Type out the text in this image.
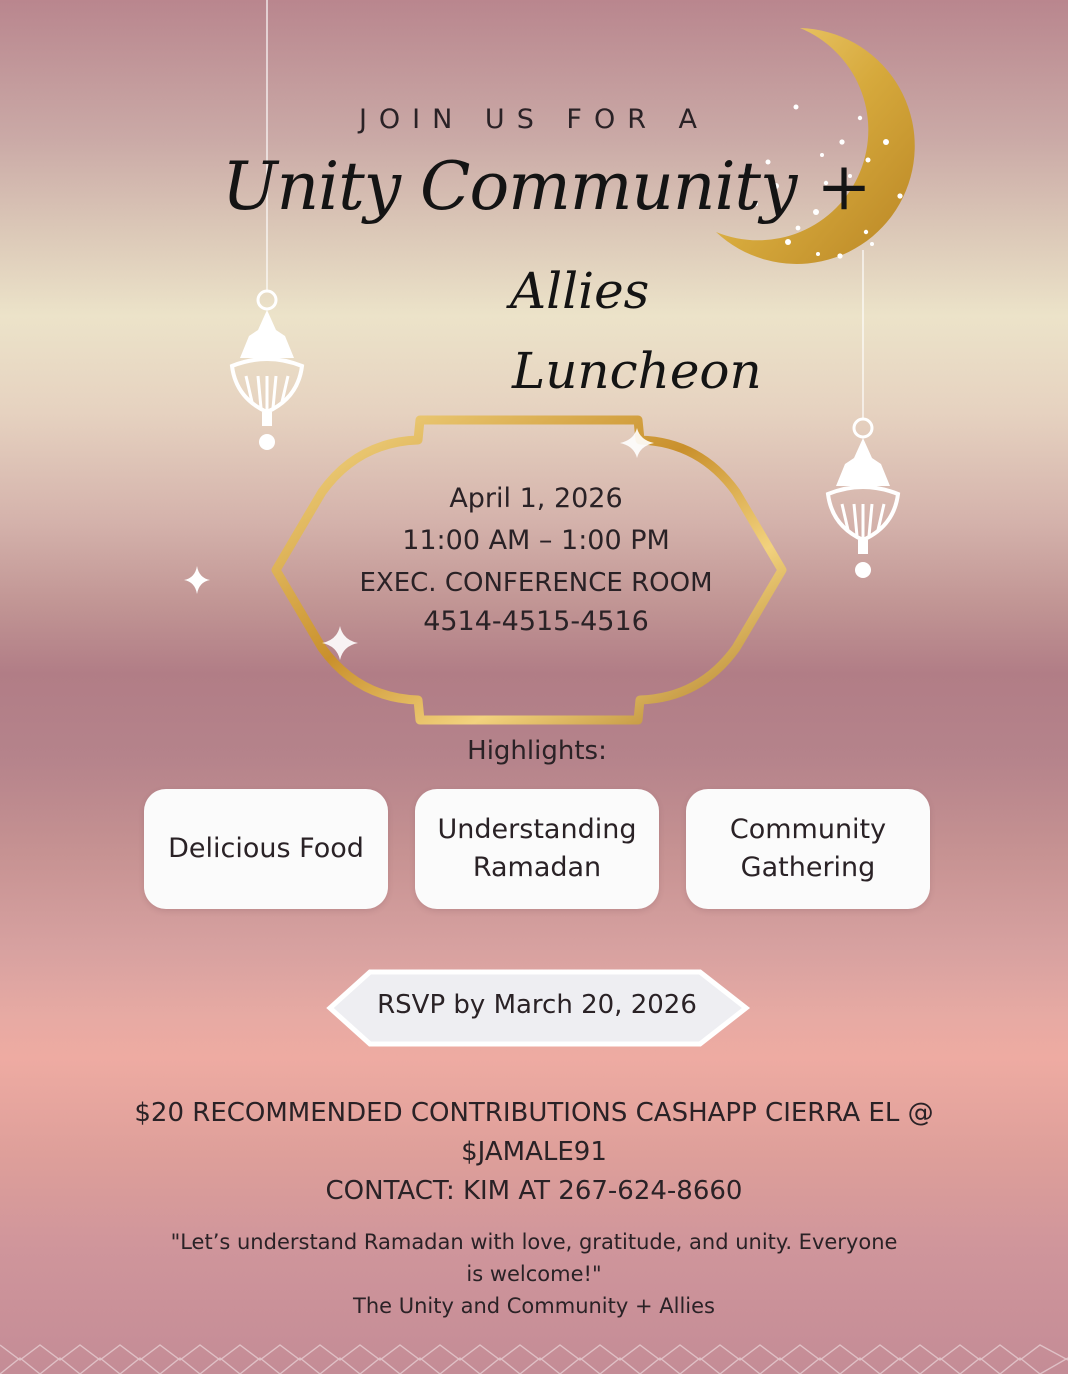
JOIN US FOR A
Unity Community +
Allies
Luncheon
April 1, 2026
11:00 AM – 1:00 PM
EXEC. CONFERENCE ROOM
4514-4515-4516
Highlights:
Delicious Food
Understanding
Ramadan
Community
Gathering
RSVP by March 20, 2026
$20 RECOMMENDED CONTRIBUTIONS CASHAPP CIERRA EL @
$JAMALE91
CONTACT: KIM AT 267-624-8660
"Let’s understand Ramadan with love, gratitude, and unity. Everyone is welcome!"
The Unity and Community + Allies
